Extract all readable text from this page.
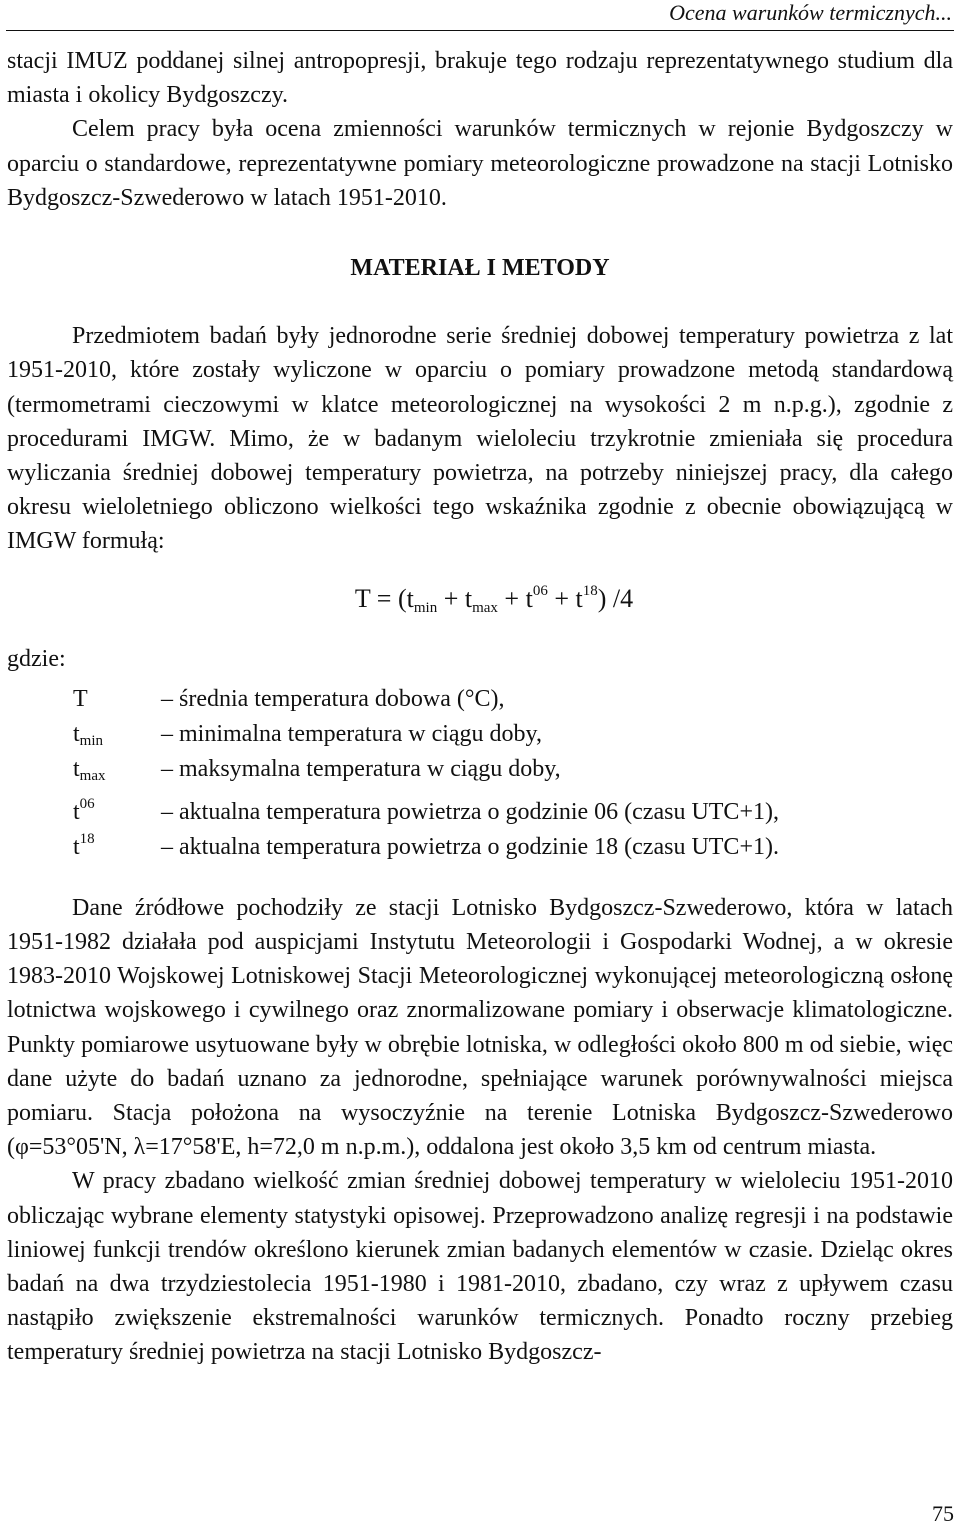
Ocena warunków termicznych...

stacji IMUZ poddanej silnej antropopresji, brakuje tego rodzaju reprezentatywnego studium dla miasta i okolicy Bydgoszczy.

Celem pracy była ocena zmienności warunków termicznych w rejonie Bydgoszczy w oparciu o standardowe, reprezentatywne pomiary meteorologiczne prowadzone na stacji Lotnisko Bydgoszcz-Szwederowo w latach 1951-2010.

MATERIAŁ I METODY

Przedmiotem badań były jednorodne serie średniej dobowej temperatury powietrza z lat 1951-2010, które zostały wyliczone w oparciu o pomiary prowadzone metodą standardową (termometrami cieczowymi w klatce meteorologicznej na wysokości 2 m n.p.g.), zgodnie z procedurami IMGW. Mimo, że w badanym wieloleciu trzykrotnie zmieniała się procedura wyliczania średniej dobowej temperatury powietrza, na potrzeby niniejszej pracy, dla całego okresu wieloletniego obliczono wielkości tego wskaźnika zgodnie z obecnie obowiązującą w IMGW formułą:

$T = (t_{min} + t_{max} + t^{06} + t^{18})$ /4

gdzie:

T	– średnia temperatura dobowa (°C),
$t_{min}$	– minimalna temperatura w ciągu doby,
$t_{max}$	– maksymalna temperatura w ciągu doby,
$t^{06}$	– aktualna temperatura powietrza o godzinie 06 (czasu UTC+1),
$t^{18}$	– aktualna temperatura powietrza o godzinie 18 (czasu UTC+1).

Dane źródłowe pochodziły ze stacji Lotnisko Bydgoszcz-Szwederowo, która w latach 1951-1982 działała pod auspicjami Instytutu Meteorologii i Gospodarki Wodnej, a w okresie 1983-2010 Wojskowej Lotniskowej Stacji Meteorologicznej wykonującej meteorologiczną osłonę lotnictwa wojskowego i cywilnego oraz znormalizowane pomiary i obserwacje klimatologiczne. Punkty pomiarowe usytuowane były w obrębie lotniska, w odległości około 800 m od siebie, więc dane użyte do badań uznano za jednorodne, spełniające warunek porównywalności miejsca pomiaru. Stacja położona na wysoczyźnie na terenie Lotniska Bydgoszcz-Szwederowo (φ=53°05'N, λ=17°58'E, h=72,0 m n.p.m.), oddalona jest około 3,5 km od centrum miasta.

W pracy zbadano wielkość zmian średniej dobowej temperatury w wieloleciu 1951-2010 obliczając wybrane elementy statystyki opisowej. Przeprowadzono analizę regresji i na podstawie liniowej funkcji trendów określono kierunek zmian badanych elementów w czasie. Dzieląc okres badań na dwa trzydziestolecia 1951-1980 i 1981-2010, zbadano, czy wraz z upływem czasu nastąpiło zwiększenie ekstremalności warunków termicznych. Ponadto roczny przebieg temperatury średniej powietrza na stacji Lotnisko Bydgoszcz-

75
